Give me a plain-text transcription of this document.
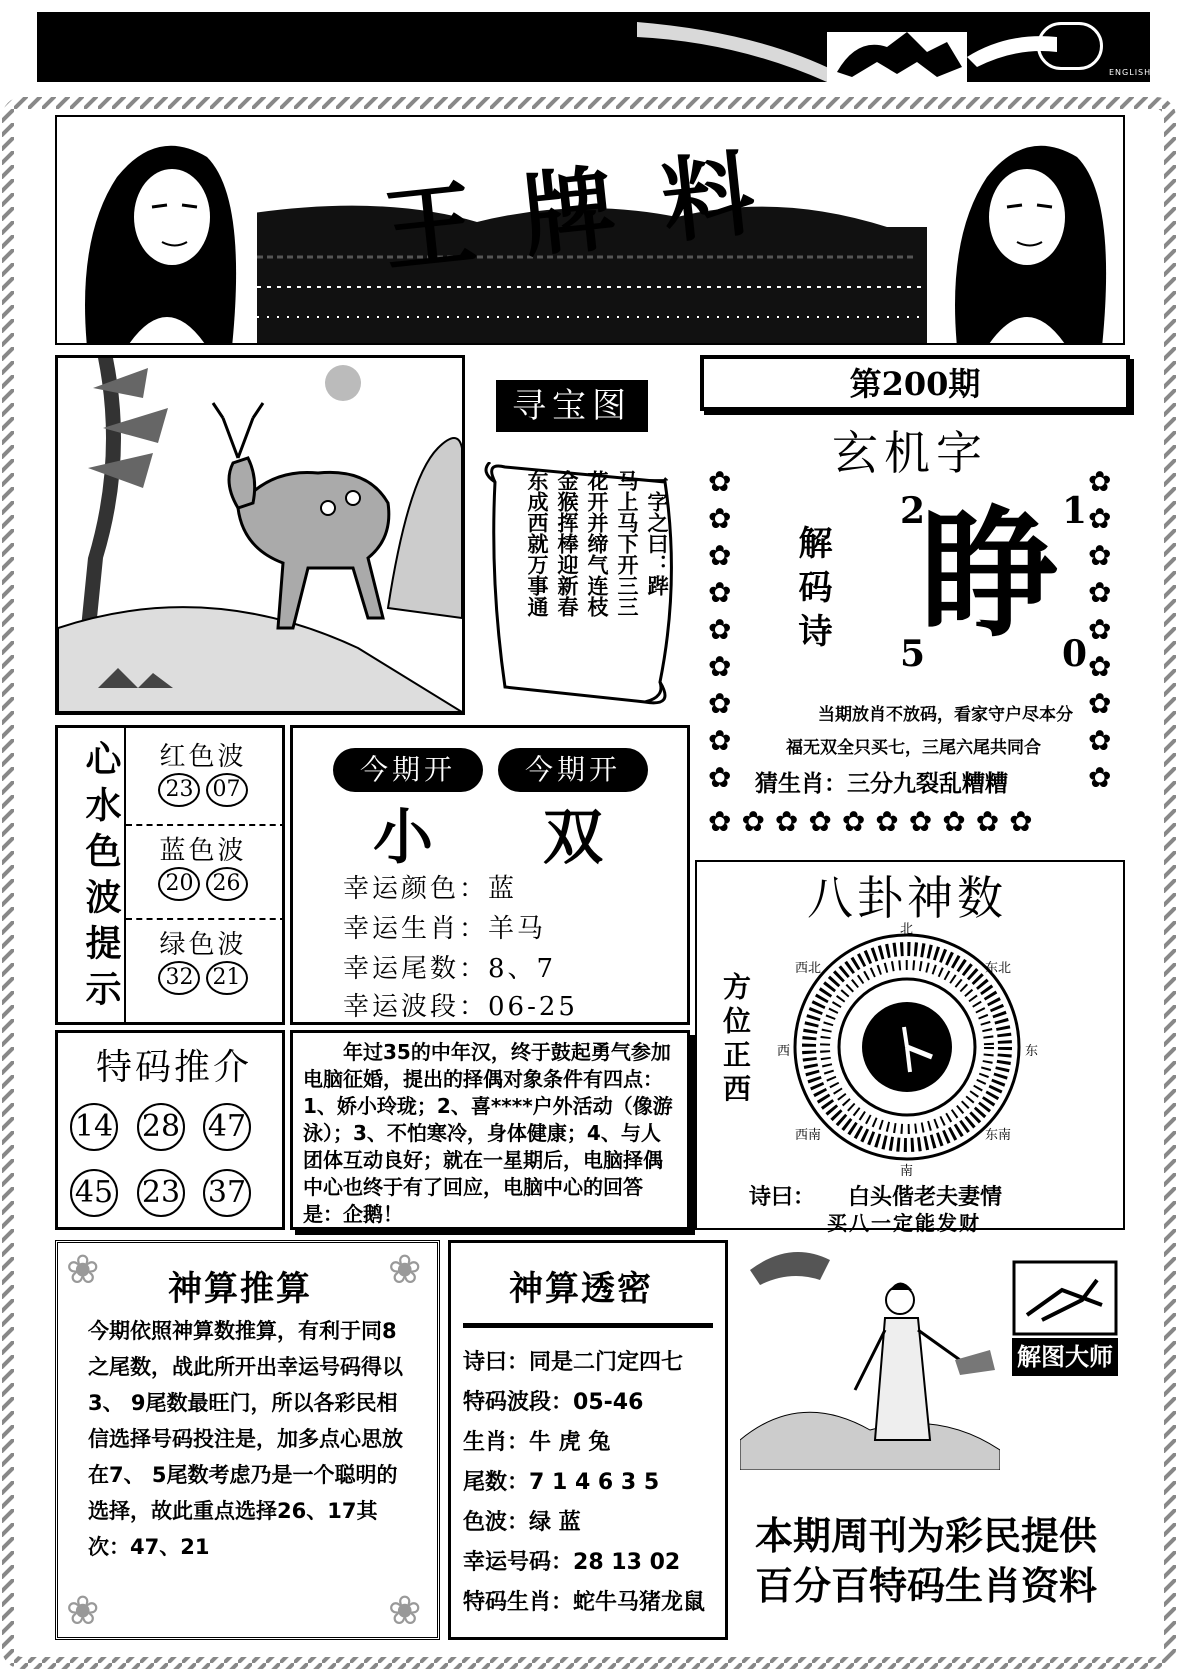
ENGLISH
王牌料
寻宝图
一字之曰：跸
马上马下开三三
花开并缔气连枝
金猴挥棒迎新春
东成西就万事通
第200期
玄机字
✿
✿
✿
✿
✿
✿
✿
✿
✿
✿
✿
✿
✿
✿
✿
✿
✿
✿
✿✿✿✿✿✿✿✿✿✿
解码诗 睁
2	1
5	0
当期放肖不放码，看家守户尽本分
福无双全只买七，三尾六尾共同合
猜生肖：三分九裂乱糟糟
心水色波提示	红色波
23 07
蓝色波
20 26
绿色波
32 21
今期开	今期开
小 双
幸运颜色：蓝
幸运生肖：羊马
幸运尾数：8、7
幸运波段：06-25
八卦神数
方位正西
北
东北
东
东南
南
西南
西
西北
诗曰：　　白头偕老夫妻情
买八一定能发财
特码推介
14 28 47
45 23 37
　　年过35的中年汉，终于鼓起勇气参加电脑征婚，提出的择偶对象条件有四点：1、娇小玲珑；2、喜****户外活动（像游泳）；3、不怕寒冷，身体健康；4、与人团体互动良好；就在一星期后，电脑择偶中心也终于有了回应，电脑中心的回答是：企鹅！
❀	❀
❀	❀
神算推算
今期依照神算数推算，有利于同8之尾数，战此所开出幸运号码得以3、 9尾数最旺门，所以各彩民相信选择号码投注是，加多点心思放在7、 5尾数考虑乃是一个聪明的选择，故此重点选择26、17其次：47、21
神算透密
诗曰：同是二门定四七
特码波段：05-46
生肖：牛 虎 兔
尾数：7 1 4 6 3 5
色波：绿 蓝
幸运号码：28 13 02
特码生肖：蛇牛马猪龙鼠
解图大师
本期周刊为彩民提供
百分百特码生肖资料
